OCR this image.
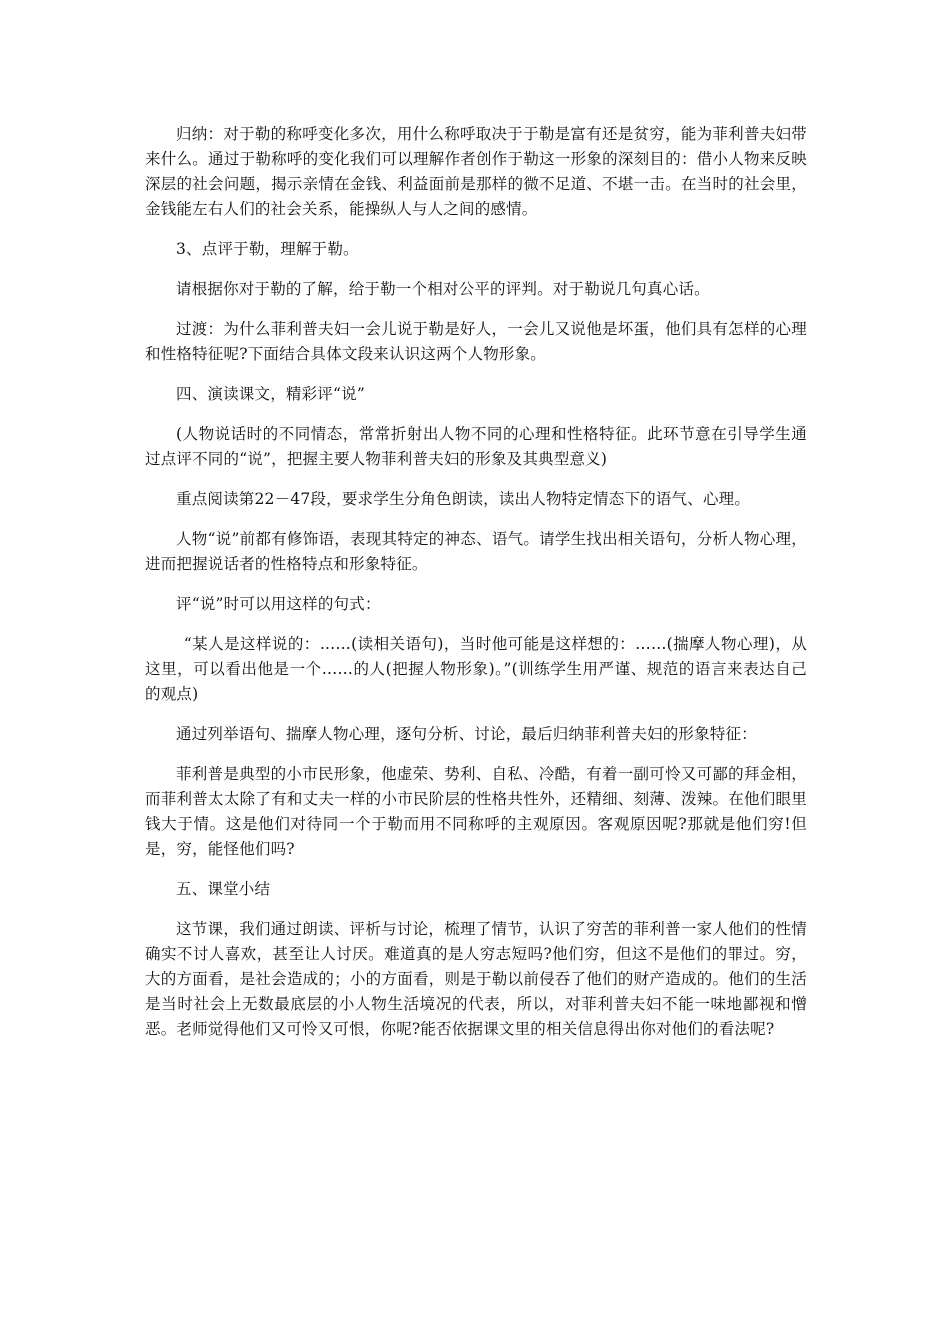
归纳：对于勒的称呼变化多次，用什么称呼取决于于勒是富有还是贫穷，能为菲利普夫妇带来什么。通过于勒称呼的变化我们可以理解作者创作于勒这一形象的深刻目的：借小人物来反映深层的社会问题，揭示亲情在金钱、利益面前是那样的微不足道、不堪一击。在当时的社会里，金钱能左右人们的社会关系，能操纵人与人之间的感情。

3、点评于勒，理解于勒。

请根据你对于勒的了解，给于勒一个相对公平的评判。对于勒说几句真心话。

过渡：为什么菲利普夫妇一会儿说于勒是好人，一会儿又说他是坏蛋，他们具有怎样的心理和性格特征呢?下面结合具体文段来认识这两个人物形象。

四、演读课文，精彩评“说”

(人物说话时的不同情态，常常折射出人物不同的心理和性格特征。此环节意在引导学生通过点评不同的“说”，把握主要人物菲利普夫妇的形象及其典型意义)

重点阅读第22－47段，要求学生分角色朗读，读出人物特定情态下的语气、心理。

人物“说”前都有修饰语，表现其特定的神态、语气。请学生找出相关语句，分析人物心理，进而把握说话者的性格特点和形象特征。

评“说”时可以用这样的句式：

“某人是这样说的：……(读相关语句)，当时他可能是这样想的：……(揣摩人物心理)，从这里，可以看出他是一个……的人(把握人物形象)。”(训练学生用严谨、规范的语言来表达自己的观点)

通过列举语句、揣摩人物心理，逐句分析、讨论，最后归纳菲利普夫妇的形象特征：

菲利普是典型的小市民形象，他虚荣、势利、自私、冷酷，有着一副可怜又可鄙的拜金相，而菲利普太太除了有和丈夫一样的小市民阶层的性格共性外，还精细、刻薄、泼辣。在他们眼里钱大于情。这是他们对待同一个于勒而用不同称呼的主观原因。客观原因呢?那就是他们穷!但是，穷，能怪他们吗?

五、课堂小结

这节课，我们通过朗读、评析与讨论，梳理了情节，认识了穷苦的菲利普一家人他们的性情确实不讨人喜欢，甚至让人讨厌。难道真的是人穷志短吗?他们穷，但这不是他们的罪过。穷，大的方面看，是社会造成的；小的方面看，则是于勒以前侵吞了他们的财产造成的。他们的生活是当时社会上无数最底层的小人物生活境况的代表，所以，对菲利普夫妇不能一味地鄙视和憎恶。老师觉得他们又可怜又可恨，你呢?能否依据课文里的相关信息得出你对他们的看法呢?
